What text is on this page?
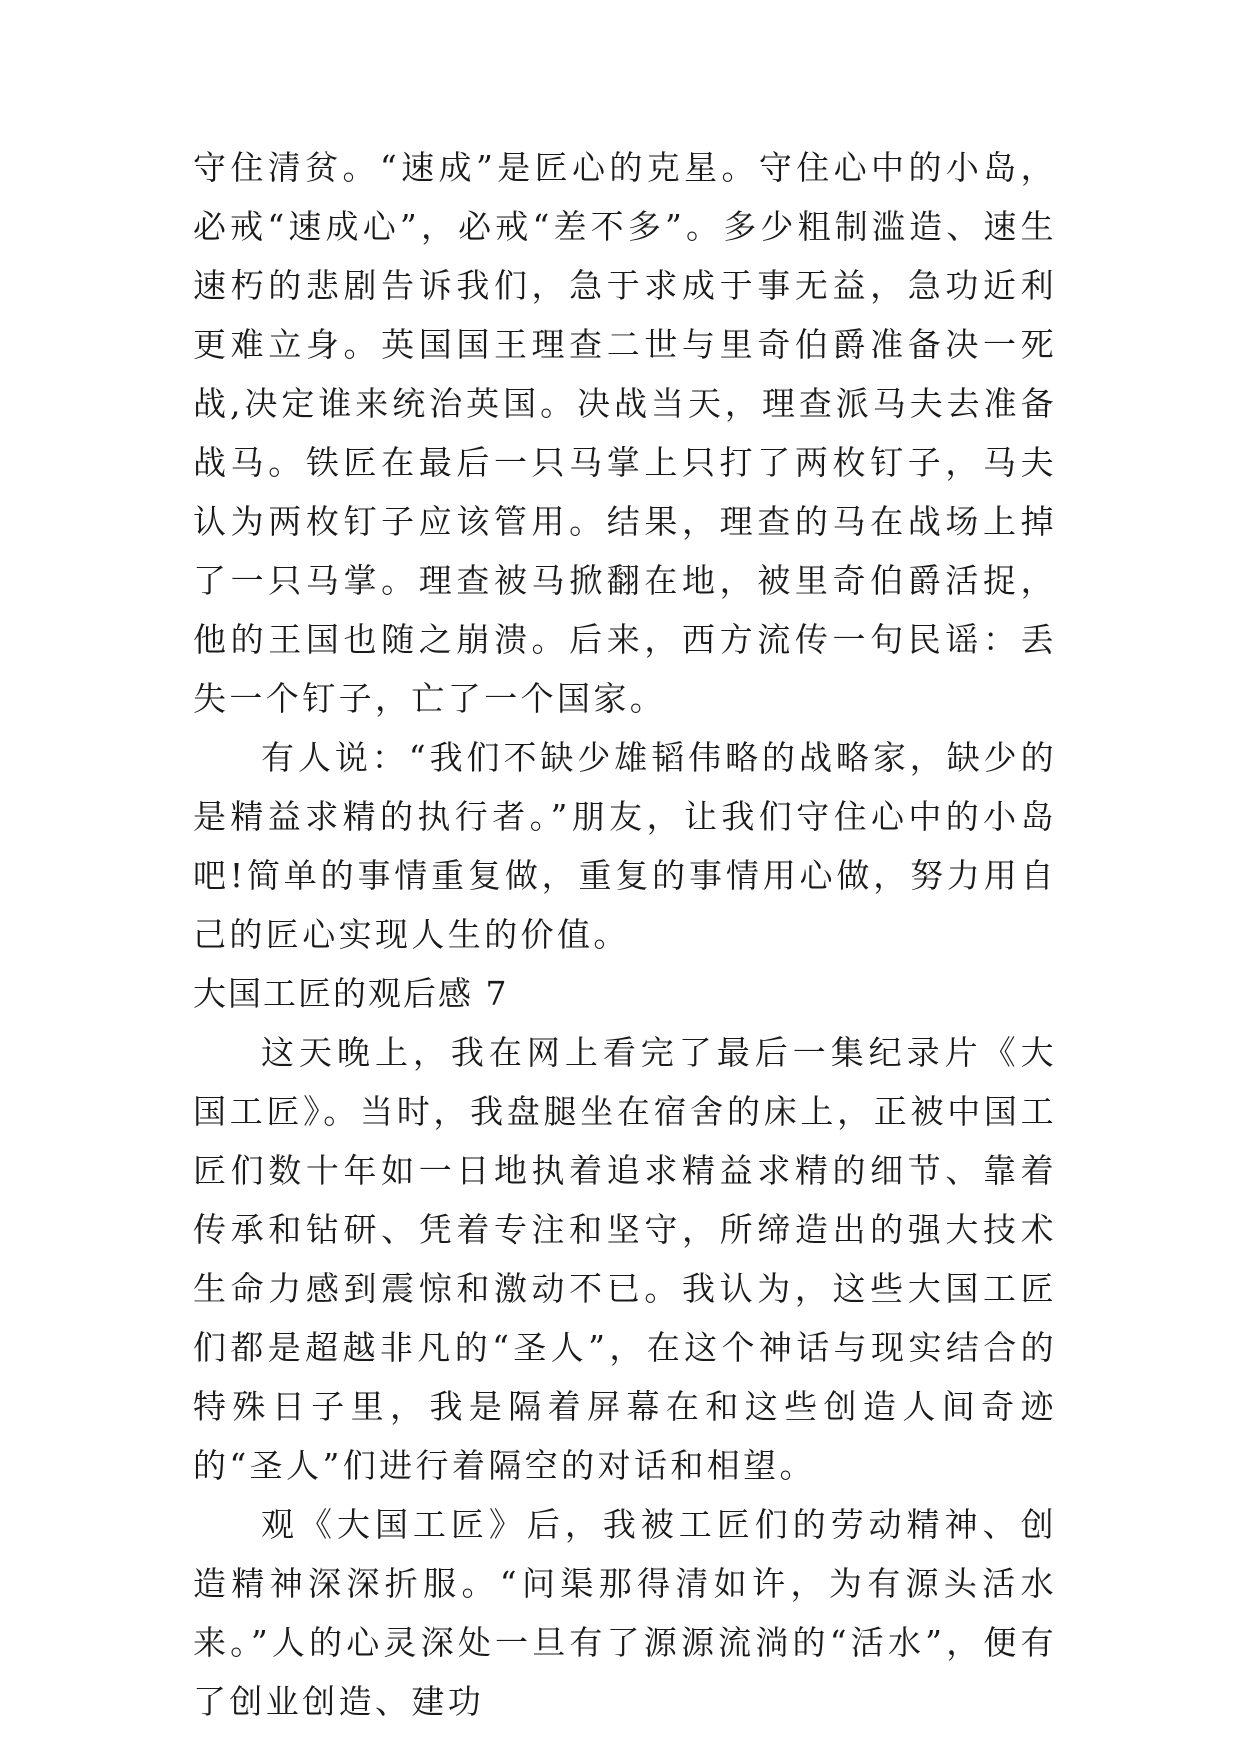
守住清贫。“速成”是匠心的克星。守住心中的小岛，必戒“速成心”，必戒“差不多”。多少粗制滥造、速生速朽的悲剧告诉我们，急于求成于事无益，急功近利更难立身。英国国王理查二世与里奇伯爵准备决一死战,决定谁来统治英国。决战当天，理查派马夫去准备战马。铁匠在最后一只马掌上只打了两枚钉子，马夫认为两枚钉子应该管用。结果，理查的马在战场上掉了一只马掌。理查被马掀翻在地，被里奇伯爵活捉，他的王国也随之崩溃。后来，西方流传一句民谣：丢失一个钉子，亡了一个国家。

有人说：“我们不缺少雄韬伟略的战略家，缺少的是精益求精的执行者。”朋友，让我们守住心中的小岛吧!简单的事情重复做，重复的事情用心做，努力用自己的匠心实现人生的价值。

大国工匠的观后感 7

这天晚上，我在网上看完了最后一集纪录片《大国工匠》。当时，我盘腿坐在宿舍的床上，正被中国工匠们数十年如一日地执着追求精益求精的细节、靠着传承和钻研、凭着专注和坚守，所缔造出的强大技术生命力感到震惊和激动不已。我认为，这些大国工匠们都是超越非凡的“圣人”，在这个神话与现实结合的特殊日子里，我是隔着屏幕在和这些创造人间奇迹的“圣人”们进行着隔空的对话和相望。

观《大国工匠》后，我被工匠们的劳动精神、创造精神深深折服。“问渠那得清如许，为有源头活水来。”人的心灵深处一旦有了源源流淌的“活水”，便有了创业创造、建功
